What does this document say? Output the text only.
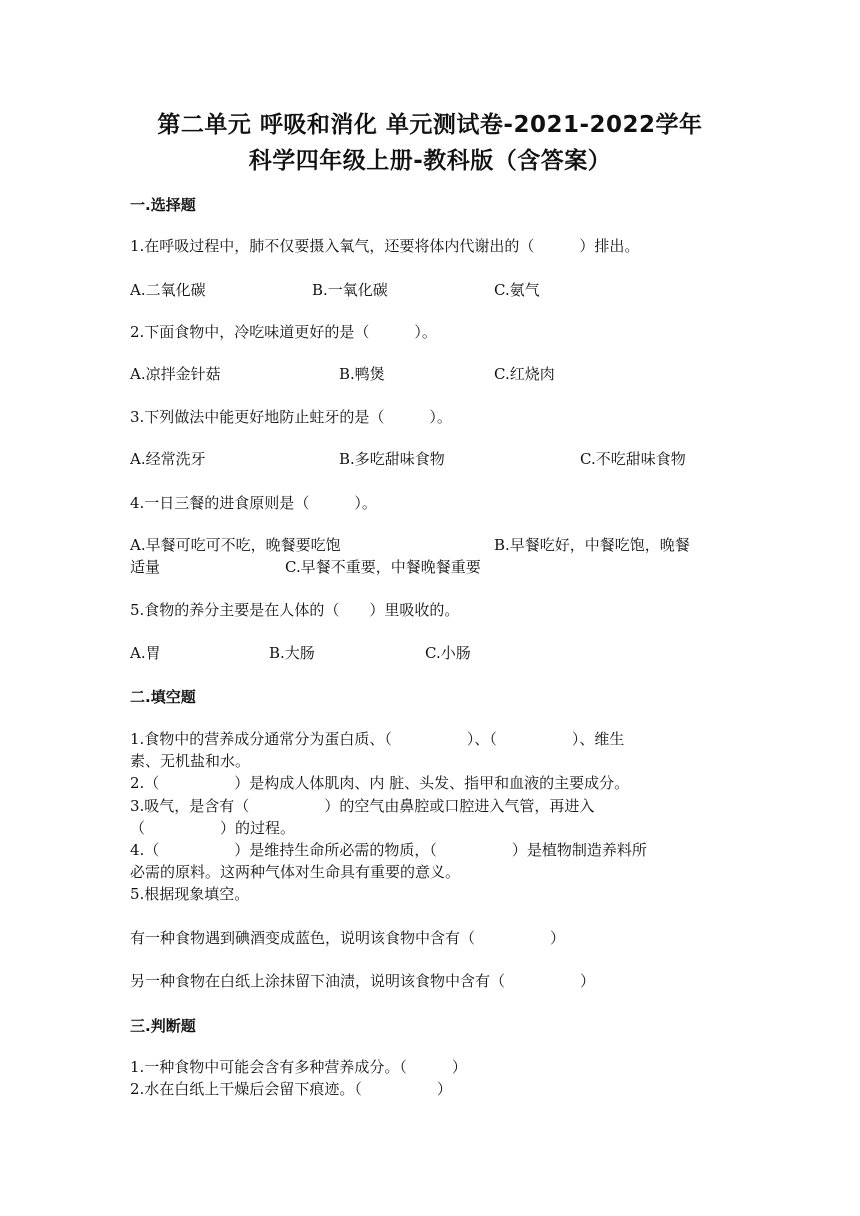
第二单元 呼吸和消化 单元测试卷-2021-2022学年
科学四年级上册-教科版（含答案）
一.选择题
1.在呼吸过程中，肺不仅要摄入氧气，还要将体内代谢出的（　　　）排出。
A.二氧化碳	B.一氧化碳	C.氨气
2.下面食物中，冷吃味道更好的是（　　　）。
A.凉拌金针菇	B.鸭煲	C.红烧肉
3.下列做法中能更好地防止蛀牙的是（　　　）。
A.经常洗牙	B.多吃甜味食物	C.不吃甜味食物
4.一日三餐的进食原则是（　　　）。
A.早餐可吃可不吃，晚餐要吃饱	B.早餐吃好，中餐吃饱，晚餐
适量	C.早餐不重要，中餐晚餐重要
5.食物的养分主要是在人体的（　　）里吸收的。
A.胃	B.大肠	C.小肠
二.填空题
1.食物中的营养成分通常分为蛋白质、（　　　　　）、（　　　　　）、维生
素、无机盐和水。
2.（　　　　　）是构成人体肌肉、内 脏、头发、指甲和血液的主要成分。
3.吸气，是含有（　　　　　）的空气由鼻腔或口腔进入气管，再进入
（　　　　　）的过程。
4.（　　　　　）是维持生命所必需的物质，（　　　　　）是植物制造养料所
必需的原料。这两种气体对生命具有重要的意义。
5.根据现象填空。
有一种食物遇到碘酒变成蓝色，说明该食物中含有（　　　　　）
另一种食物在白纸上涂抹留下油渍，说明该食物中含有（　　　　　）
三.判断题
1.一种食物中可能会含有多种营养成分。（　　　）
2.水在白纸上干燥后会留下痕迹。（　　　　　）
